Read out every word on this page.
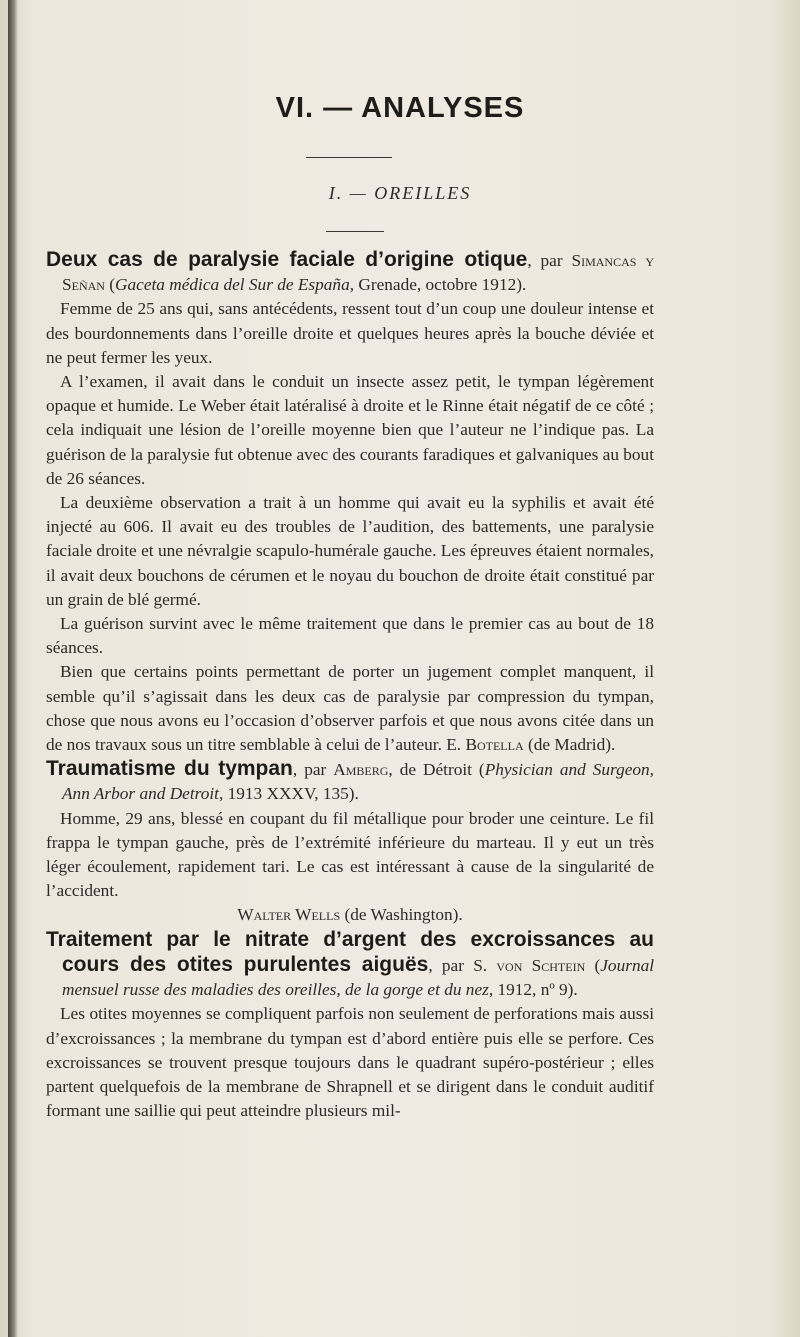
VI. — ANALYSES
I. — OREILLES

Deux cas de paralysie faciale d’origine otique, par Simancas y Señan (Gaceta médica del Sur de España, Grenade, octobre 1912).

Femme de 25 ans qui, sans antécédents, ressent tout d’un coup une douleur intense et des bourdonnements dans l’oreille droite et quelques heures après la bouche déviée et ne peut fermer les yeux.

A l’examen, il avait dans le conduit un insecte assez petit, le tympan légèrement opaque et humide. Le Weber était latéralisé à droite et le Rinne était négatif de ce côté ; cela indiquait une lésion de l’oreille moyenne bien que l’auteur ne l’indique pas. La guérison de la paralysie fut obtenue avec des courants faradiques et galvaniques au bout de 26 séances.

La deuxième observation a trait à un homme qui avait eu la syphilis et avait été injecté au 606. Il avait eu des troubles de l’audition, des battements, une paralysie faciale droite et une névralgie scapulo-humérale gauche. Les épreuves étaient normales, il avait deux bouchons de cérumen et le noyau du bouchon de droite était constitué par un grain de blé germé.

La guérison survint avec le même traitement que dans le premier cas au bout de 18 séances.

Bien que certains points permettant de porter un jugement complet manquent, il semble qu’il s’agissait dans les deux cas de paralysie par compression du tympan, chose que nous avons eu l’occasion d’observer parfois et que nous avons citée dans un de nos travaux sous un titre semblable à celui de l’auteur. E. Botella (de Madrid).

Traumatisme du tympan, par Amberg, de Détroit (Physician and Surgeon, Ann Arbor and Detroit, 1913 XXXV, 135).

Homme, 29 ans, blessé en coupant du fil métallique pour broder une ceinture. Le fil frappa le tympan gauche, près de l’extrémité inférieure du marteau. Il y eut un très léger écoulement, rapidement tari. Le cas est intéressant à cause de la singularité de l’accident.

Walter Wells (de Washington).

Traitement par le nitrate d’argent des excroissances au cours des otites purulentes aiguës, par S. von Schtein (Journal mensuel russe des maladies des oreilles, de la gorge et du nez, 1912, nº 9).

Les otites moyennes se compliquent parfois non seulement de perforations mais aussi d’excroissances ; la membrane du tympan est d’abord entière puis elle se perfore. Ces excroissances se trouvent presque toujours dans le quadrant supéro-postérieur ; elles partent quelquefois de la membrane de Shrapnell et se dirigent dans le conduit auditif formant une saillie qui peut atteindre plusieurs mil-
